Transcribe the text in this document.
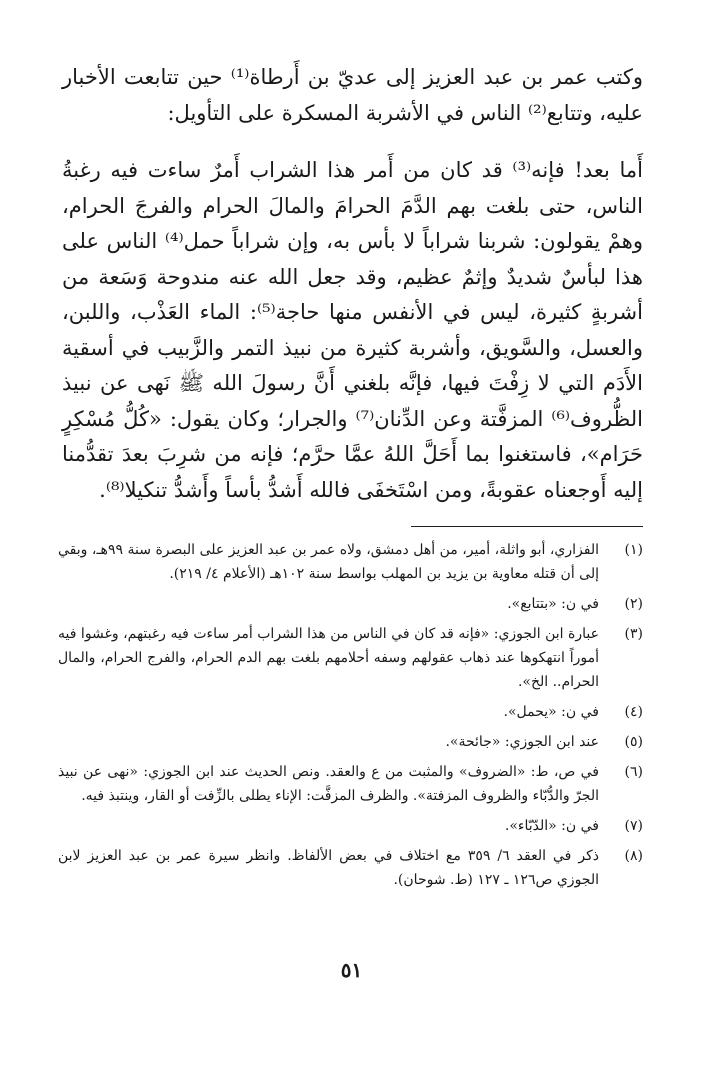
وكتب عمر بن عبد العزيز إلى عديّ بن أَرطاة⁽¹⁾ حين تتابعت الأخبار عليه، وتتابع⁽²⁾ الناس في الأشربة المسكرة على التأويل:

أَما بعد! فإنه⁽³⁾ قد كان من أَمر هذا الشراب أَمرٌ ساءت فيه رغبةُ الناس، حتى بلغت بهم الدَّمَ الحرامَ والمالَ الحرام والفرجَ الحرام، وهمْ يقولون: شربنا شراباً لا بأس به، وإن شراباً حمل⁽⁴⁾ الناس على هذا لبأسٌ شديدٌ وإثمٌ عظيم، وقد جعل الله عنه مندوحة وَسَعة من أشربةٍ كثيرة، ليس في الأنفس منها حاجة⁽⁵⁾: الماء العَذْب، واللبن، والعسل، والسَّويق، وأشربة كثيرة من نبيذ التمر والزَّبيب في أسقية الأَدَم التي لا زِفْتَ فيها، فإنَّه بلغني أَنَّ رسولَ الله ﷺ نَهى عن نبيذ الظُّروف⁽⁶⁾ المزفَّتة وعن الدِّنان⁽⁷⁾ والجرار؛ وكان يقول: «كُلُّ مُسْكِرٍ حَرَام»، فاستغنوا بما أَحَلَّ اللهُ عمَّا حرَّم؛ فإنه من شرِبَ بعدَ تقدُّمنا إليه أَوجعناه عقوبةً، ومن اسْتَخفَى فالله أَشدُّ بأساً وأَشدُّ تنكيلا⁽⁸⁾.

(١)
الفزاري، أبو واثلة، أمير، من أهل دمشق، ولاه عمر بن عبد العزيز على البصرة سنة ٩٩هـ، وبقي إلى أن قتله معاوية بن يزيد بن المهلب بواسط سنة ١٠٢هـ (الأعلام ٤/ ٢١٩).
(٢)
في ن: «بتتابع».
(٣)
عبارة ابن الجوزي: «فإنه قد كان في الناس من هذا الشراب أمر ساءت فيه رغبتهم، وغشوا فيه أموراً انتهكوها عند ذهاب عقولهم وسفه أحلامهم بلغت بهم الدم الحرام، والفرج الحرام، والمال الحرام.. الخ».
(٤)
في ن: «يحمل».
(٥)
عند ابن الجوزي: «جائحة».
(٦)
في ص، ط: «الضروف» والمثبت من ع والعقد. ونص الحديث عند ابن الجوزي: «نهى عن نبيذ الجرّ والدُّبّاء والظروف المزفتة». والظرف المزفَّت: الإناء يطلى بالزِّفت أو القار، وينتبذ فيه.
(٧)
في ن: «الدّبّاء».
(٨)
ذكر في العقد ٦/ ٣٥٩ مع اختلاف في بعض الألفاظ. وانظر سيرة عمر بن عبد العزيز لابن الجوزي ص١٢٦ ـ ١٢٧ (ط. شوحان).
٥١
